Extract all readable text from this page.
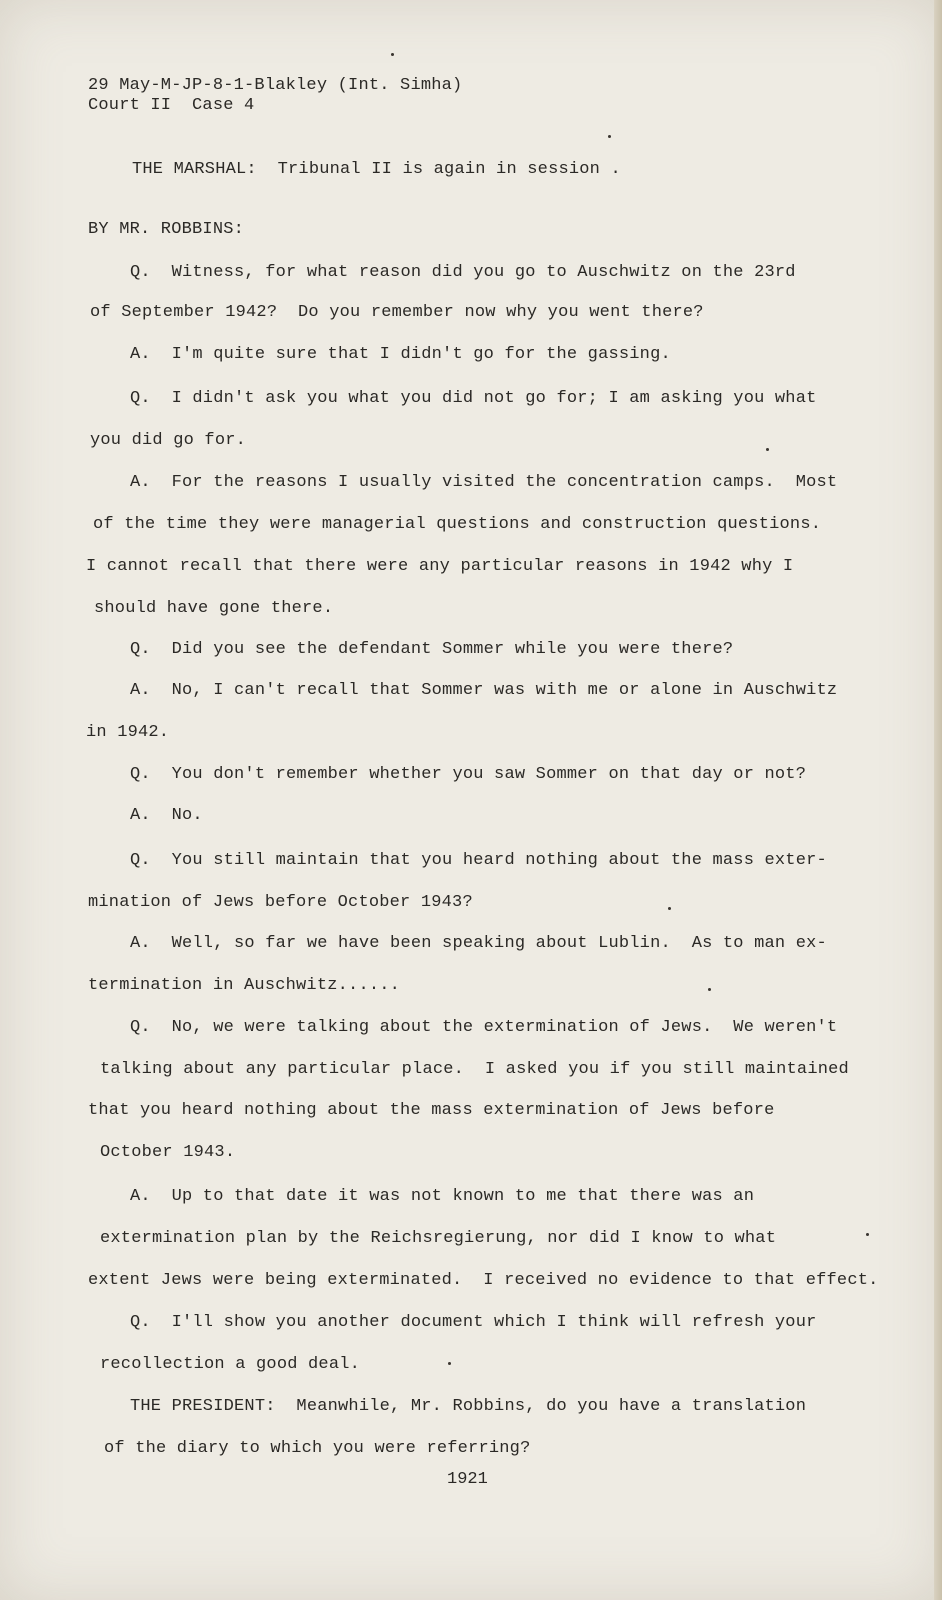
29 May-M-JP-8-1-Blakley (Int. Simha)
Court II  Case 4
THE MARSHAL:  Tribunal II is again in session .
BY MR. ROBBINS:
Q.  Witness, for what reason did you go to Auschwitz on the 23rd
of September 1942?  Do you remember now why you went there?
A.  I'm quite sure that I didn't go for the gassing.
Q.  I didn't ask you what you did not go for; I am asking you what
you did go for.
A.  For the reasons I usually visited the concentration camps.  Most
of the time they were managerial questions and construction questions.
I cannot recall that there were any particular reasons in 1942 why I
should have gone there.
Q.  Did you see the defendant Sommer while you were there?
A.  No, I can't recall that Sommer was with me or alone in Auschwitz
in 1942.
Q.  You don't remember whether you saw Sommer on that day or not?
A.  No.
Q.  You still maintain that you heard nothing about the mass exter-
mination of Jews before October 1943?
A.  Well, so far we have been speaking about Lublin.  As to man ex-
termination in Auschwitz......
Q.  No, we were talking about the extermination of Jews.  We weren't
talking about any particular place.  I asked you if you still maintained
that you heard nothing about the mass extermination of Jews before
October 1943.
A.  Up to that date it was not known to me that there was an
extermination plan by the Reichsregierung, nor did I know to what
extent Jews were being exterminated.  I received no evidence to that effect.
Q.  I'll show you another document which I think will refresh your
recollection a good deal.
THE PRESIDENT:  Meanwhile, Mr. Robbins, do you have a translation
of the diary to which you were referring?
1921
